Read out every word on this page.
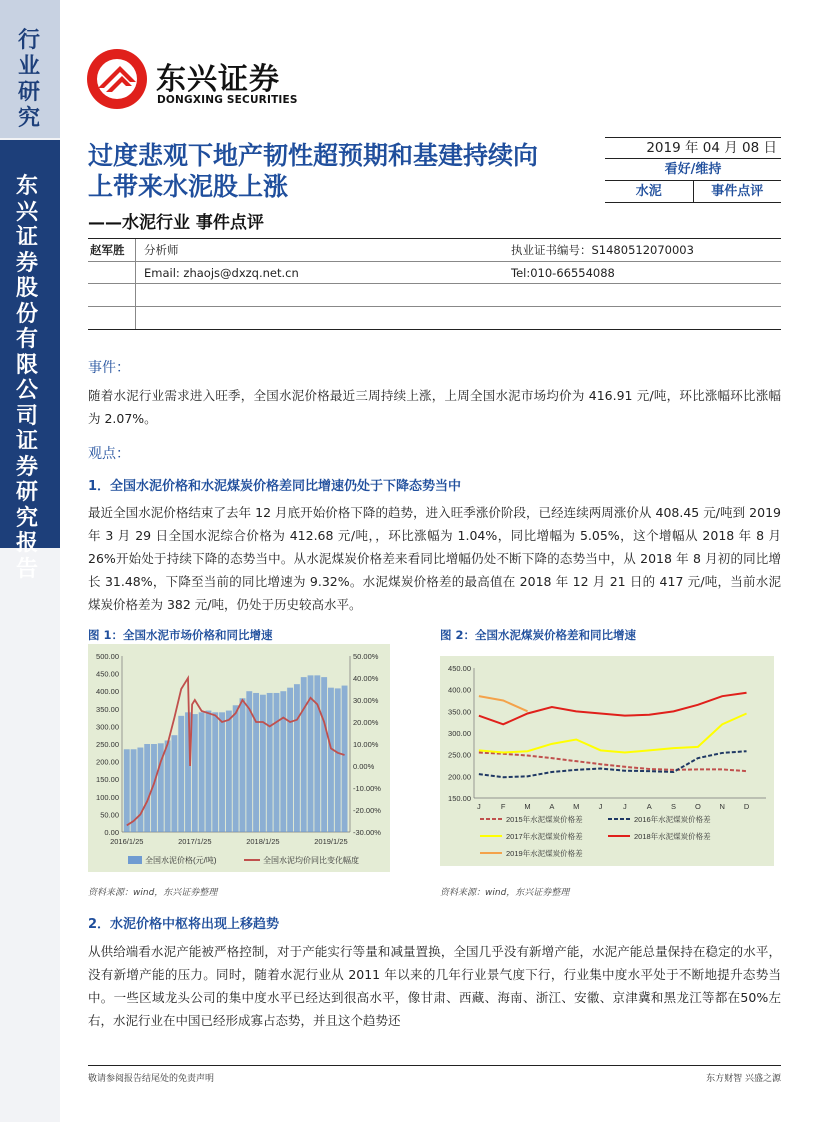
行业研究
东兴证券股份有限公司证券研究报告
东兴证券
DONGXING SECURITIES
过度悲观下地产韧性超预期和基建持续向上带来水泥股上涨
——水泥行业 事件点评
2019 年 04 月 08 日
看好/维持
水泥	事件点评
赵军胜	分析师	执业证书编号：S1480512070003
Email: zhaojs@dxzq.net.cn	Tel:010-66554088
事件：
随着水泥行业需求进入旺季，全国水泥价格最近三周持续上涨，上周全国水泥市场均价为 416.91 元/吨，环比涨幅环比涨幅为 2.07%。
观点：
1．全国水泥价格和水泥煤炭价格差同比增速仍处于下降态势当中
最近全国水泥价格结束了去年 12 月底开始价格下降的趋势，进入旺季涨价阶段，已经连续两周涨价从 408.45 元/吨到 2019 年 3 月 29 日全国水泥综合价格为 412.68 元/吨，，环比涨幅为 1.04%，同比增幅为 5.05%，这个增幅从 2018 年 8 月 26%开始处于持续下降的态势当中。从水泥煤炭价格差来看同比增幅仍处不断下降的态势当中，从 2018 年 8 月初的同比增长 31.48%，下降至当前的同比增速为 9.32%。水泥煤炭价格差的最高值在 2018 年 12 月 21 日的 417 元/吨，当前水泥煤炭价格差为 382 元/吨，仍处于历史较高水平。
图 1：全国水泥市场价格和同比增速	图 2：全国水泥煤炭价格差和同比增速
500.00
450.00
400.00
350.00
300.00
250.00
200.00
150.00
100.00
50.00
0.00
50.00%
40.00%
30.00%
20.00%
10.00%
0.00%
-10.00%
-20.00%
-30.00%
2016/1/25	2017/1/25	2018/1/25	2019/1/25
全国水泥价格(元/吨)	全国水泥均价同比变化幅度
450.00
400.00
350.00
300.00
250.00
200.00
150.00
J	F	M A M	J	J	A	S	O N	D
2015年水泥煤炭价格差	2016年水泥煤炭价格差
2017年水泥煤炭价格差	2018年水泥煤炭价格差
2019年水泥煤炭价格差
资料来源：wind，东兴证券整理	资料来源：wind，东兴证券整理
2．水泥价格中枢将出现上移趋势
从供给端看水泥产能被严格控制，对于产能实行等量和减量置换，全国几乎没有新增产能，水泥产能总量保持在稳定的水平，没有新增产能的压力。同时，随着水泥行业从 2011 年以来的几年行业景气度下行，行业集中度水平处于不断地提升态势当中。一些区域龙头公司的集中度水平已经达到很高水平，像甘肃、西藏、海南、浙江、安徽、京津冀和黑龙江等都在50%左右，水泥行业在中国已经形成寡占态势，并且这个趋势还
敬请参阅报告结尾处的免责声明	东方财智 兴盛之源
